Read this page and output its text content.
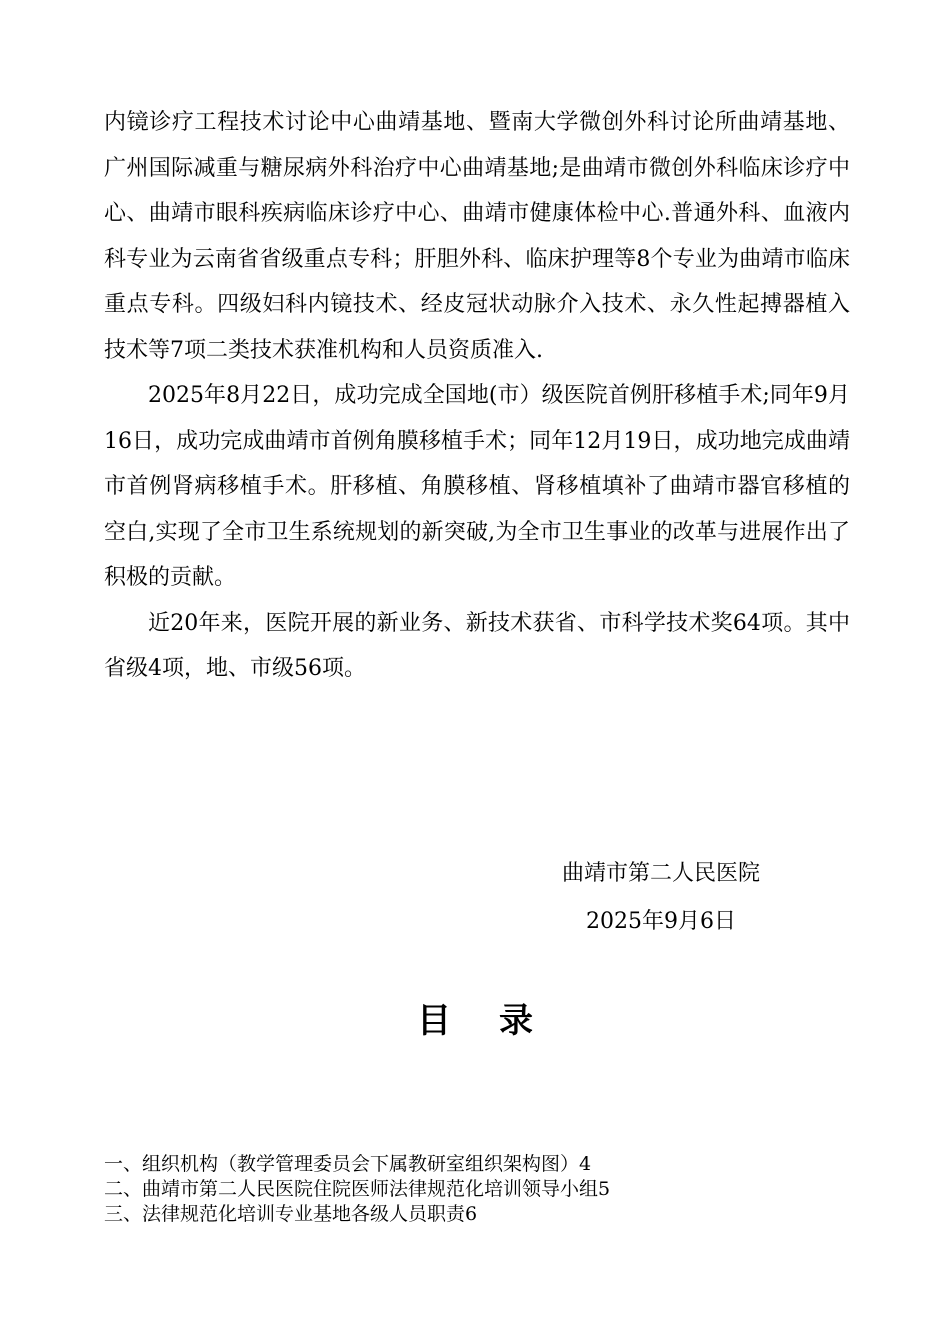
内镜诊疗工程技术讨论中心曲靖基地、暨南大学微创外科讨论所曲靖基地、广州国际减重与糖尿病外科治疗中心曲靖基地;是曲靖市微创外科临床诊疗中心、曲靖市眼科疾病临床诊疗中心、曲靖市健康体检中心.普通外科、血液内科专业为云南省省级重点专科；肝胆外科、临床护理等8个专业为曲靖市临床重点专科。四级妇科内镜技术、经皮冠状动脉介入技术、永久性起搏器植入技术等7项二类技术获准机构和人员资质准入.

2025年8月22日，成功完成全国地(市）级医院首例肝移植手术;同年9月16日，成功完成曲靖市首例角膜移植手术；同年12月19日，成功地完成曲靖市首例肾病移植手术。肝移植、角膜移植、肾移植填补了曲靖市器官移植的空白,实现了全市卫生系统规划的新突破,为全市卫生事业的改革与进展作出了积极的贡献。

近20年来，医院开展的新业务、新技术获省、市科学技术奖64项。其中省级4项，地、市级56项。

曲靖市第二人民医院
2025年9月6日
目录
一、组织机构（教学管理委员会下属教研室组织架构图）4
二、曲靖市第二人民医院住院医师法律规范化培训领导小组5
三、法律规范化培训专业基地各级人员职责6
